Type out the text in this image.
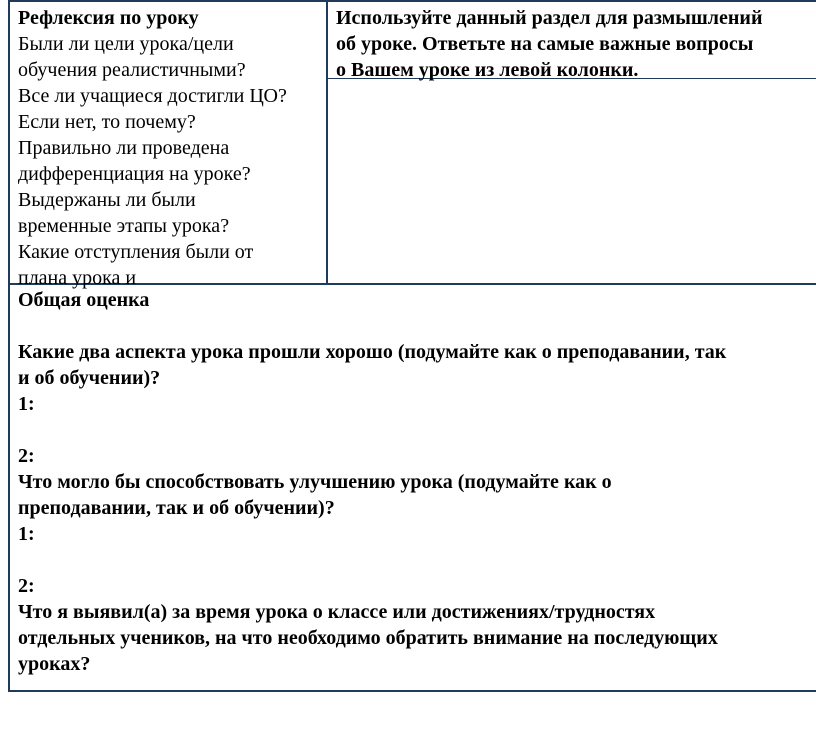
Рефлексия по уроку

Были ли цели урока/цели

обучения реалистичными?

Все ли учащиеся достигли ЦО?

Если нет, то почему?

Правильно ли проведена

дифференциация на уроке?

Выдержаны ли были

временные этапы урока?

Какие отступления были от

плана урока и

Используйте данный раздел для размышлений

об уроке. Ответьте на самые важные вопросы

о Вашем уроке из левой колонки.

Общая оценка

Какие два аспекта урока прошли хорошо (подумайте как о преподавании, так

и об обучении)?

1:

2:

Что могло бы способствовать улучшению урока (подумайте как о

преподавании, так и об обучении)?

1:

2:

Что я выявил(а) за время урока о классе или достижениях/трудностях

отдельных учеников, на что необходимо обратить внимание на последующих

уроках?
